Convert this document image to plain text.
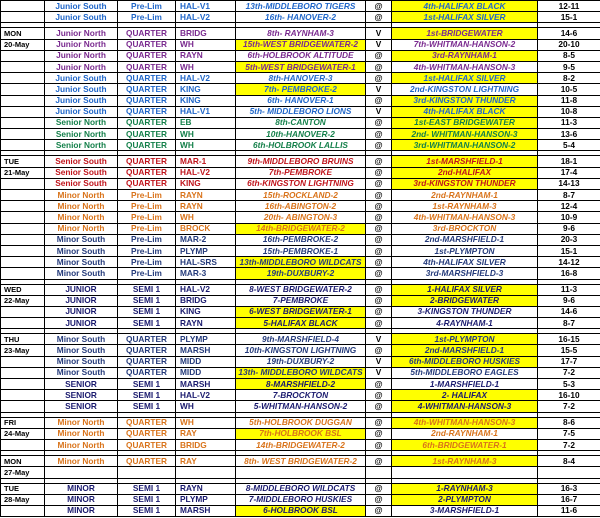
	Junior South	Pre-Lim	HAL-V1	13th-MIDDLEBORO TIGERS	@	4th-HALIFAX BLACK	12-11
	Junior South	Pre-Lim	HAL-V2	16th- HANOVER-2	@	1st-HALIFAX SILVER	15-1

MON	Junior North	QUARTER	BRIDG	8th- RAYNHAM-3	V	1st-BRIDGEWATER	14-6
20-May	Junior North	QUARTER	WH	15th-WEST BRIDGEWATER-2	V	7th-WHITMAN-HANSON-2	20-10
	Junior North	QUARTER	RAYN	6th-HOLBROOK ALTITUDE	@	3rd-RAYNHAM-1	8-5
	Junior North	QUARTER	WH	5th-WEST BRIDGEWATER-1	@	4th-WHITMAN-HANSON-3	9-5
	Junior South	QUARTER	HAL-V2	8th-HANOVER-3	@	1st-HALIFAX SILVER	8-2
	Junior South	QUARTER	KING	7th- PEMBROKE-2	V	2nd-KINGSTON LIGHTNING	10-5
	Junior South	QUARTER	KING	6th- HANOVER-1	@	3rd-KINGSTON THUNDER	11-8
	Junior South	QUARTER	HAL-V1	5th- MIDDLEBORO LIONS	V	4th-HALIFAX BLACK	10-8
	Senior North	QUARTER	EB	8th-CANTON	@	1st-EAST BRIDGEWATER	11-3
	Senior North	QUARTER	WH	10th-HANOVER-2	@	2nd- WHITMAN-HANSON-3	13-6
	Senior North	QUARTER	WH	6th-HOLBROOK LALLIS	@	3rd-WHITMAN-HANSON-2	5-4

TUE	Senior South	QUARTER	MAR-1	9th-MIDDLEBORO BRUINS	@	1st-MARSHFIELD-1	18-1
21-May	Senior South	QUARTER	HAL-V2	7th-PEMBROKE	@	2nd-HALIFAX	17-4
	Senior South	QUARTER	KING	6th-KINGSTON LIGHTNING	@	3rd-KINGSTON THUNDER	14-13
	Minor North	Pre-Lim	RAYN	15th-ROCKLAND-2	@	2nd-RAYNHAM-1	8-7
	Minor North	Pre-Lim	RAYN	16th-ABINGTON-2	@	1st-RAYNHAM-3	12-4
	Minor North	Pre-Lim	WH	20th- ABINGTON-3	@	4th-WHITMAN-HANSON-3	10-9
	Minor North	Pre-Lim	BROCK	14th-BRIDGEWATER-2	@	3rd-BROCKTON	9-6
	Minor South	Pre-Lim	MAR-2	16th-PEMBROKE-2	@	2nd-MARSHFIELD-1	20-3
	Minor South	Pre-Lim	PLYMP	15th-PEMBROKE-1	@	1st-PLYMPTON	15-1
	Minor South	Pre-Lim	HAL-SRS	13th-MIDDLEBORO WILDCATS	@	4th-HALIFAX SILVER	14-12
	Minor South	Pre-Lim	MAR-3	19th-DUXBURY-2	@	3rd-MARSHFIELD-3	16-8

WED	JUNIOR	SEMI 1	HAL-V2	8-WEST BRIDGEWATER-2	@	1-HALIFAX SILVER	11-3
22-May	JUNIOR	SEMI 1	BRIDG	7-PEMBROKE	@	2-BRIDGEWATER	9-6
	JUNIOR	SEMI 1	KING	6-WEST BRIDGEWATER-1	@	3-KINGSTON THUNDER	14-6
	JUNIOR	SEMI 1	RAYN	5-HALIFAX BLACK	@	4-RAYNHAM-1	8-7

THU	Minor South	QUARTER	PLYMP	9th-MARSHFIELD-4	V	1st-PLYMPTON	16-15
23-May	Minor South	QUARTER	MARSH	10th-KINGSTON LIGHTNING	@	2nd-MARSHFIELD-1	15-5
	Minor South	QUARTER	MIDD	19th-DUXBURY-2	V	6th-MIDDLEBORO HUSKIES	17-7
	Minor South	QUARTER	MIDD	13th- MIDDLEBORO WILDCATS	V	5th-MIDDLEBORO EAGLES	7-2
	SENIOR	SEMI 1	MARSH	8-MARSHFIELD-2	@	1-MARSHFIELD-1	5-3
	SENIOR	SEMI 1	HAL-V2	7-BROCKTON	@	2- HALIFAX	16-10
	SENIOR	SEMI 1	WH	5-WHITMAN-HANSON-2	@	4-WHITMAN-HANSON-3	7-2

FRI	Minor North	QUARTER	WH	5th-HOLBROOK DUGGAN	@	4th-WHITMAN-HANSON-3	8-6
24-May	Minor North	QUARTER	RAY	7th-HOLBROOK BSL	@	2nd-RAYNHAM-1	7-5
	Minor North	QUARTER	BRIDG	14th-BRIDGEWATER-2	@	6th-BRIDGEWATER-1	7-2

MON	Minor North	QUARTER	RAY	8th- WEST BRIDGEWATER-2	@	1st-RAYNHAM-3	8-4
27-May							

TUE	MINOR	SEMI 1	RAYN	8-MIDDLEBORO WILDCATS	@	1-RAYNHAM-3	16-3
28-May	MINOR	SEMI 1	PLYMP	7-MIDDLEBORO HUSKIES	@	2-PLYMPTON	16-7
	MINOR	SEMI 1	MARSH	6-HOLBROOK BSL	@	3-MARSHFIELD-1	11-6
